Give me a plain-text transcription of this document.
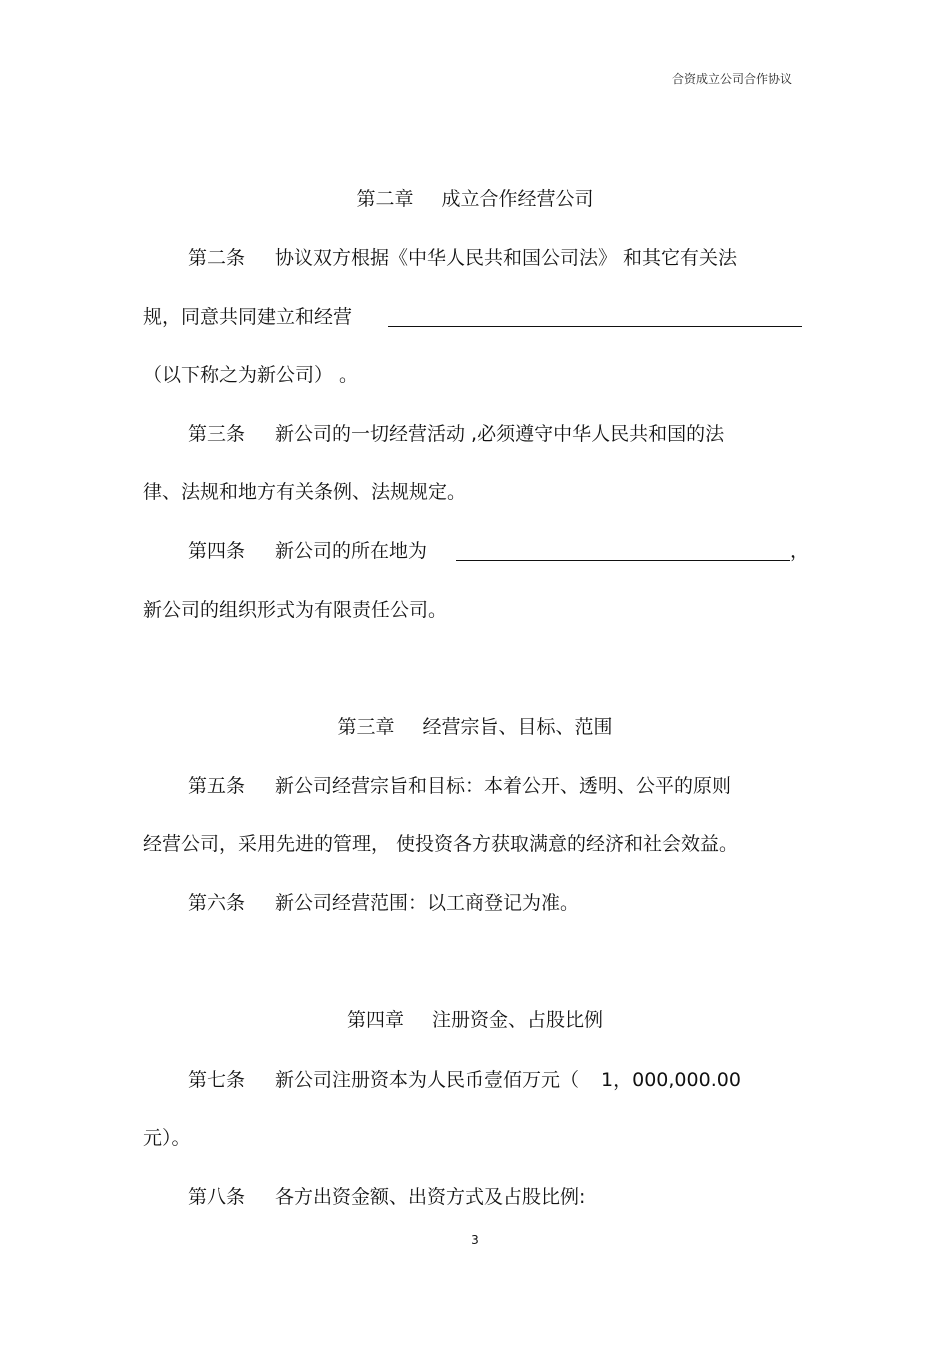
合资成立公司合作协议
第二章 成立合作经营公司
第二条 协议双方根据《中华人民共和国公司法》 和其它有关法
规，同意共同建立和经营
（以下称之为新公司） 。
第三条 新公司的一切经营活动 ,必须遵守中华人民共和国的法
律、法规和地方有关条例、法规规定。
第四条 新公司的所在地为	，
新公司的组织形式为有限责任公司。
第三章 经营宗旨、目标、范围
第五条 新公司经营宗旨和目标：本着公开、透明、公平的原则
经营公司，采用先进的管理， 使投资各方获取满意的经济和社会效益。
第六条 新公司经营范围：以工商登记为准。
第四章 注册资金、占股比例
第七条 新公司注册资本为人民币壹佰万元（ 1，000,000.00
元）。
第八条 各方出资金额、出资方式及占股比例:
3
